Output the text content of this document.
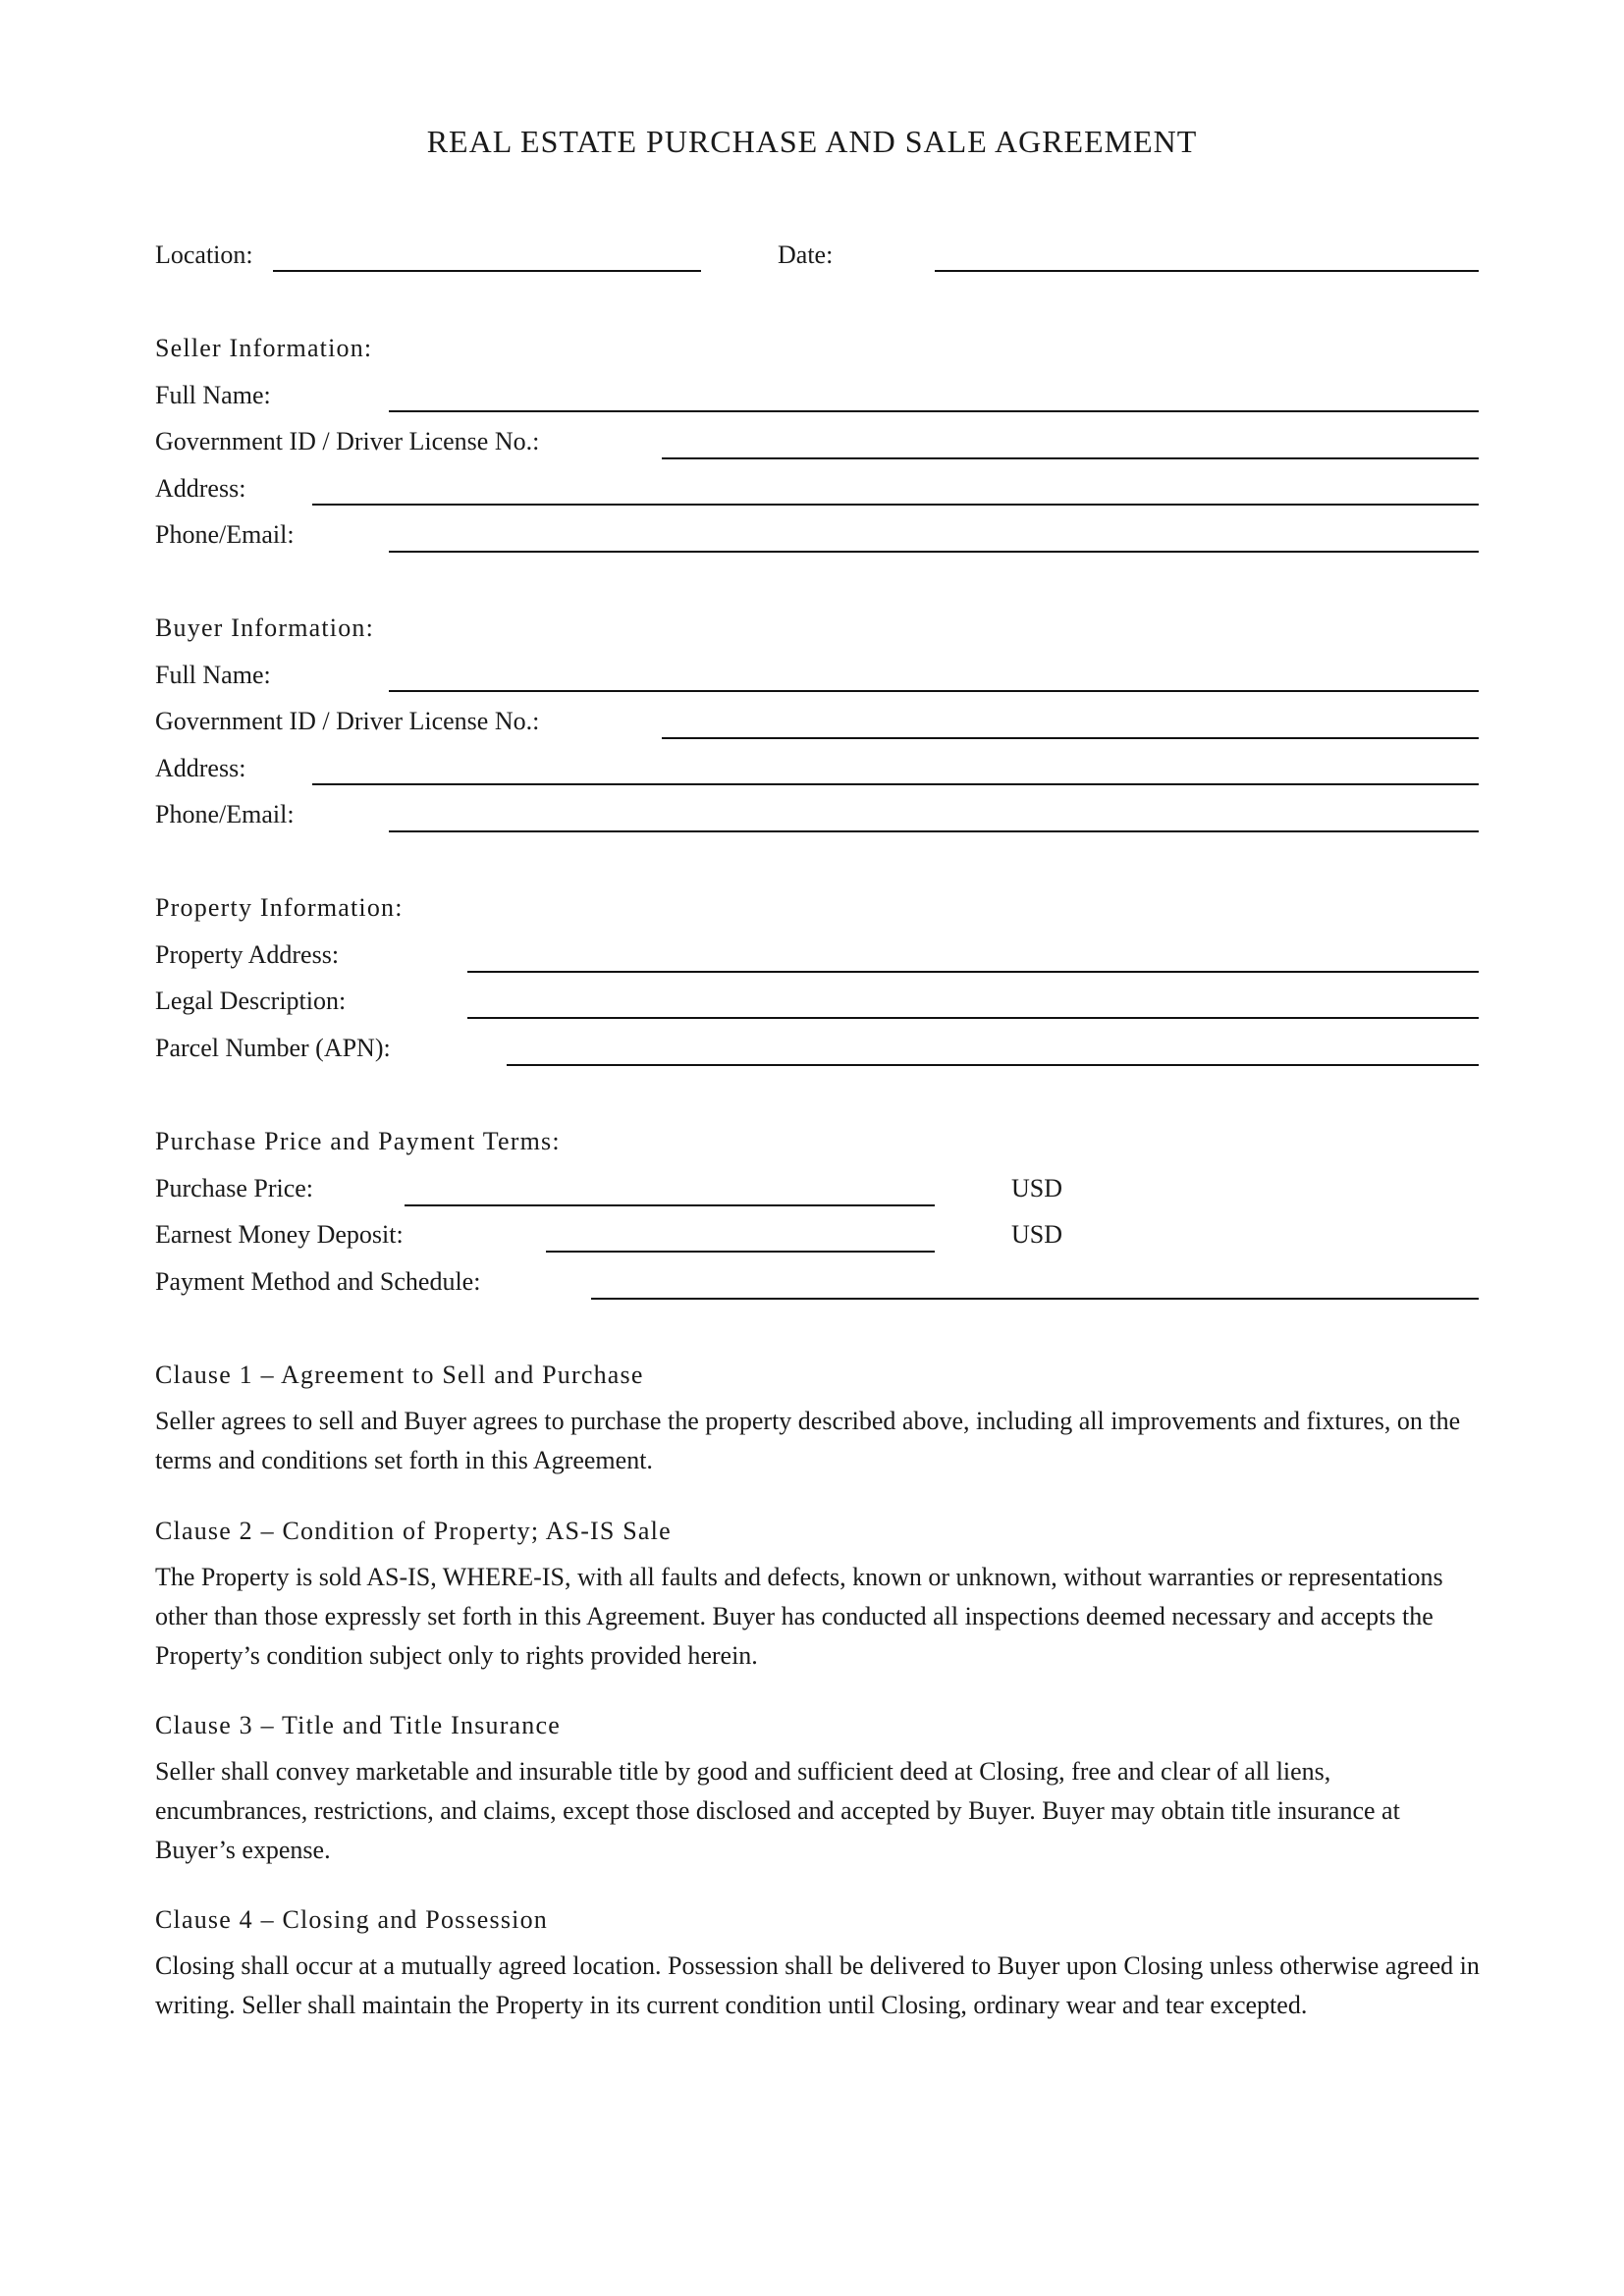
REAL ESTATE PURCHASE AND SALE AGREEMENT
Location:	Date:
Seller Information:
Full Name:
Government ID / Driver License No.:
Address:
Phone/Email:
Buyer Information:
Full Name:
Government ID / Driver License No.:
Address:
Phone/Email:
Property Information:
Property Address:
Legal Description:
Parcel Number (APN):
Purchase Price and Payment Terms:
Purchase Price:	USD
Earnest Money Deposit:	USD
Payment Method and Schedule:
Clause 1 – Agreement to Sell and Purchase
Seller agrees to sell and Buyer agrees to purchase the property described above, including all improvements and fixtures, on the terms and conditions set forth in this Agreement.
Clause 2 – Condition of Property; AS-IS Sale
The Property is sold AS-IS, WHERE-IS, with all faults and defects, known or unknown, without warranties or representations other than those expressly set forth in this Agreement. Buyer has conducted all inspections deemed necessary and accepts the Property’s condition subject only to rights provided herein.
Clause 3 – Title and Title Insurance
Seller shall convey marketable and insurable title by good and sufficient deed at Closing, free and clear of all liens, encumbrances, restrictions, and claims, except those disclosed and accepted by Buyer. Buyer may obtain title insurance at Buyer’s expense.
Clause 4 – Closing and Possession
Closing shall occur at a mutually agreed location. Possession shall be delivered to Buyer upon Closing unless otherwise agreed in writing. Seller shall maintain the Property in its current condition until Closing, ordinary wear and tear excepted.
